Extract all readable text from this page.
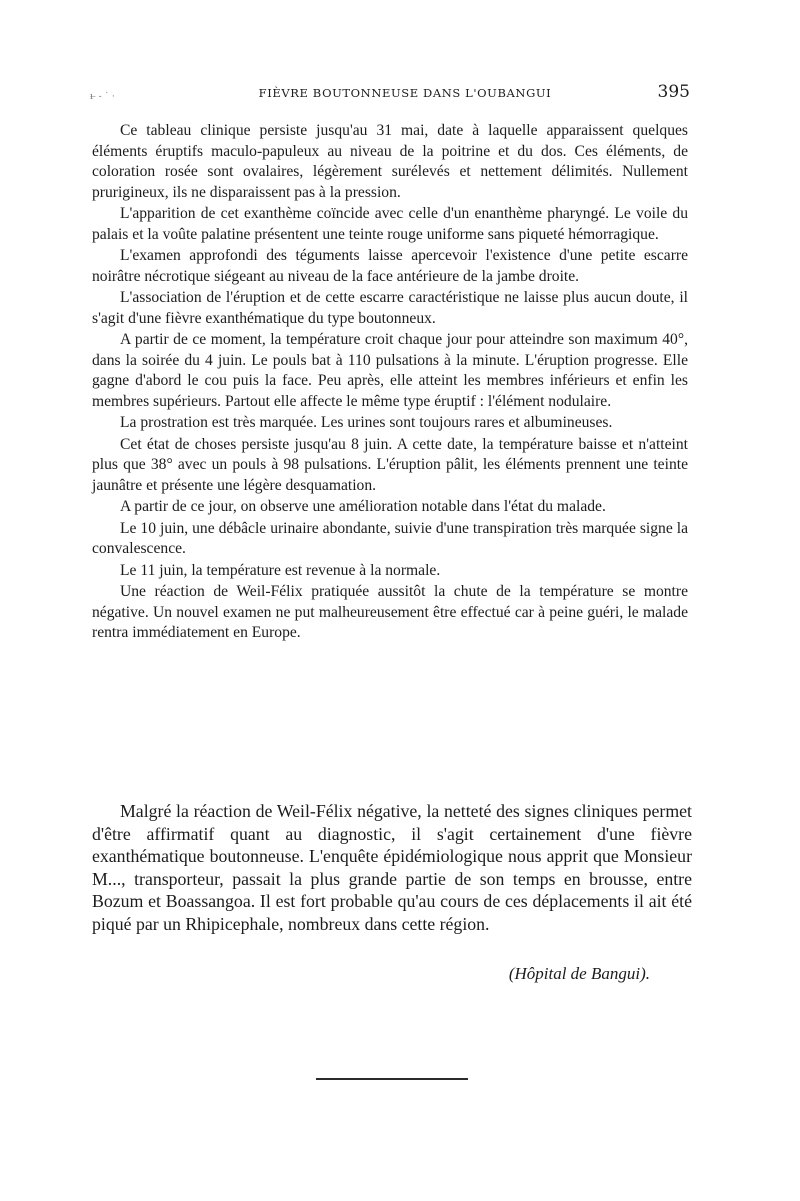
ı ̶ - ˙ ·	FIÈVRE BOUTONNEUSE DANS L'OUBANGUI	395

Ce tableau clinique persiste jusqu'au 31 mai, date à laquelle apparaissent quelques éléments éruptifs maculo-papuleux au niveau de la poitrine et du dos. Ces éléments, de coloration rosée sont ovalaires, légèrement surélevés et nettement délimités. Nullement prurigineux, ils ne disparaissent pas à la pression.

L'apparition de cet exanthème coïncide avec celle d'un enanthème pharyngé. Le voile du palais et la voûte palatine présentent une teinte rouge uniforme sans piqueté hémorragique.

L'examen approfondi des téguments laisse apercevoir l'existence d'une petite escarre noirâtre nécrotique siégeant au niveau de la face antérieure de la jambe droite.

L'association de l'éruption et de cette escarre caractéristique ne laisse plus aucun doute, il s'agit d'une fièvre exanthématique du type boutonneux.

A partir de ce moment, la température croit chaque jour pour atteindre son maximum 40°, dans la soirée du 4 juin. Le pouls bat à 110 pulsations à la minute. L'éruption progresse. Elle gagne d'abord le cou puis la face. Peu après, elle atteint les membres inférieurs et enfin les membres supérieurs. Partout elle affecte le même type éruptif : l'élément nodulaire.

La prostration est très marquée. Les urines sont toujours rares et albumineuses.

Cet état de choses persiste jusqu'au 8 juin. A cette date, la température baisse et n'atteint plus que 38° avec un pouls à 98 pulsations. L'éruption pâlit, les éléments prennent une teinte jaunâtre et présente une légère desquamation.

A partir de ce jour, on observe une amélioration notable dans l'état du malade.

Le 10 juin, une débâcle urinaire abondante, suivie d'une transpiration très marquée signe la convalescence.

Le 11 juin, la température est revenue à la normale.

Une réaction de Weil-Félix pratiquée aussitôt la chute de la température se montre négative. Un nouvel examen ne put malheureusement être effectué car à peine guéri, le malade rentra immédiatement en Europe.

Malgré la réaction de Weil-Félix négative, la netteté des signes cliniques permet d'être affirmatif quant au diagnostic, il s'agit certainement d'une fièvre exanthématique boutonneuse. L'enquête épidémiologique nous apprit que Monsieur M..., transporteur, passait la plus grande partie de son temps en brousse, entre Bozum et Boassangoa. Il est fort probable qu'au cours de ces déplacements il ait été piqué par un Rhipicephale, nombreux dans cette région.

(Hôpital de Bangui).
